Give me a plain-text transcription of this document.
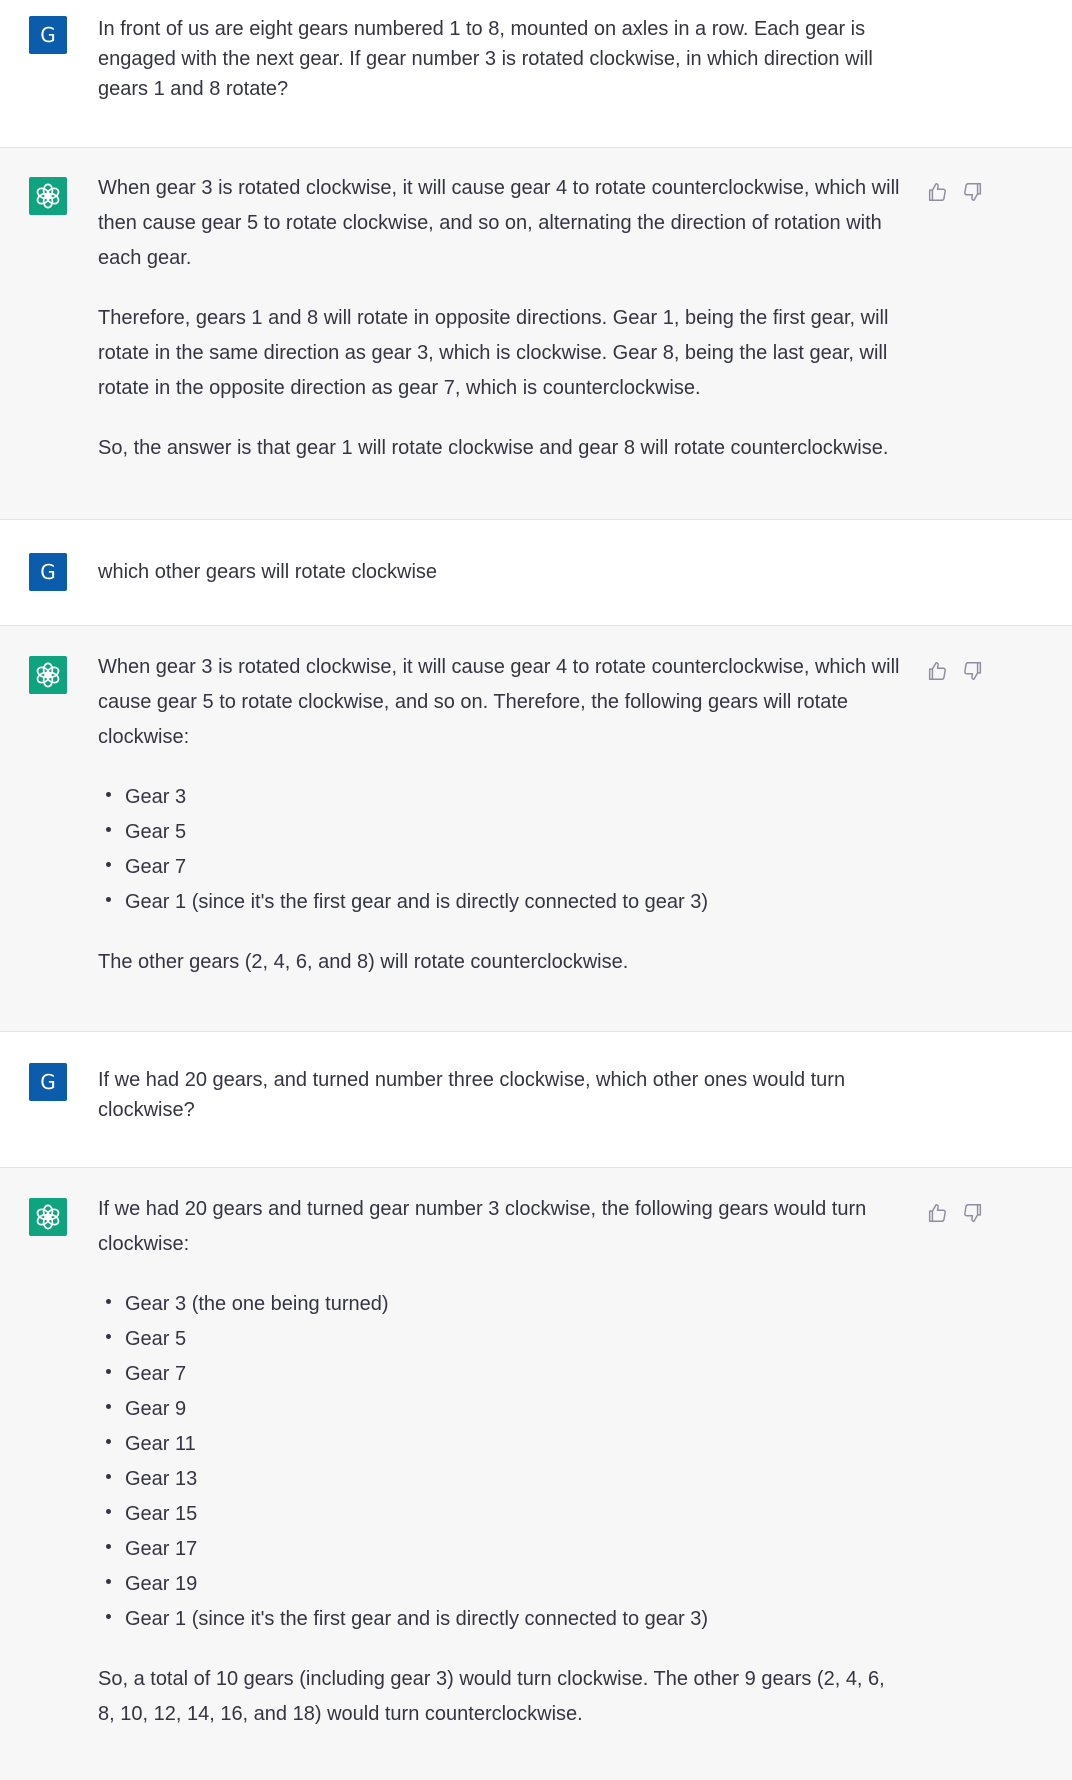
G	In front of us are eight gears numbered 1 to 8, mounted on axles in a row. Each gear is engaged with the next gear. If gear number 3 is rotated clockwise, in which direction will gears 1 and 8 rotate?

When gear 3 is rotated clockwise, it will cause gear 4 to rotate counterclockwise, which will then cause gear 5 to rotate clockwise, and so on, alternating the direction of rotation with each gear.

Therefore, gears 1 and 8 will rotate in opposite directions. Gear 1, being the first gear, will rotate in the same direction as gear 3, which is clockwise. Gear 8, being the last gear, will rotate in the opposite direction as gear 7, which is counterclockwise.

So, the answer is that gear 1 will rotate clockwise and gear 8 will rotate counterclockwise.

G	which other gears will rotate clockwise

When gear 3 is rotated clockwise, it will cause gear 4 to rotate counterclockwise, which will cause gear 5 to rotate clockwise, and so on. Therefore, the following gears will rotate clockwise:

Gear 3
Gear 5
Gear 7
Gear 1 (since it's the first gear and is directly connected to gear 3)

The other gears (2, 4, 6, and 8) will rotate counterclockwise.

G	If we had 20 gears, and turned number three clockwise, which other ones would turn clockwise?

If we had 20 gears and turned gear number 3 clockwise, the following gears would turn clockwise:

Gear 3 (the one being turned)
Gear 5
Gear 7
Gear 9
Gear 11
Gear 13
Gear 15
Gear 17
Gear 19
Gear 1 (since it's the first gear and is directly connected to gear 3)

So, a total of 10 gears (including gear 3) would turn clockwise. The other 9 gears (2, 4, 6, 8, 10, 12, 14, 16, and 18) would turn counterclockwise.
